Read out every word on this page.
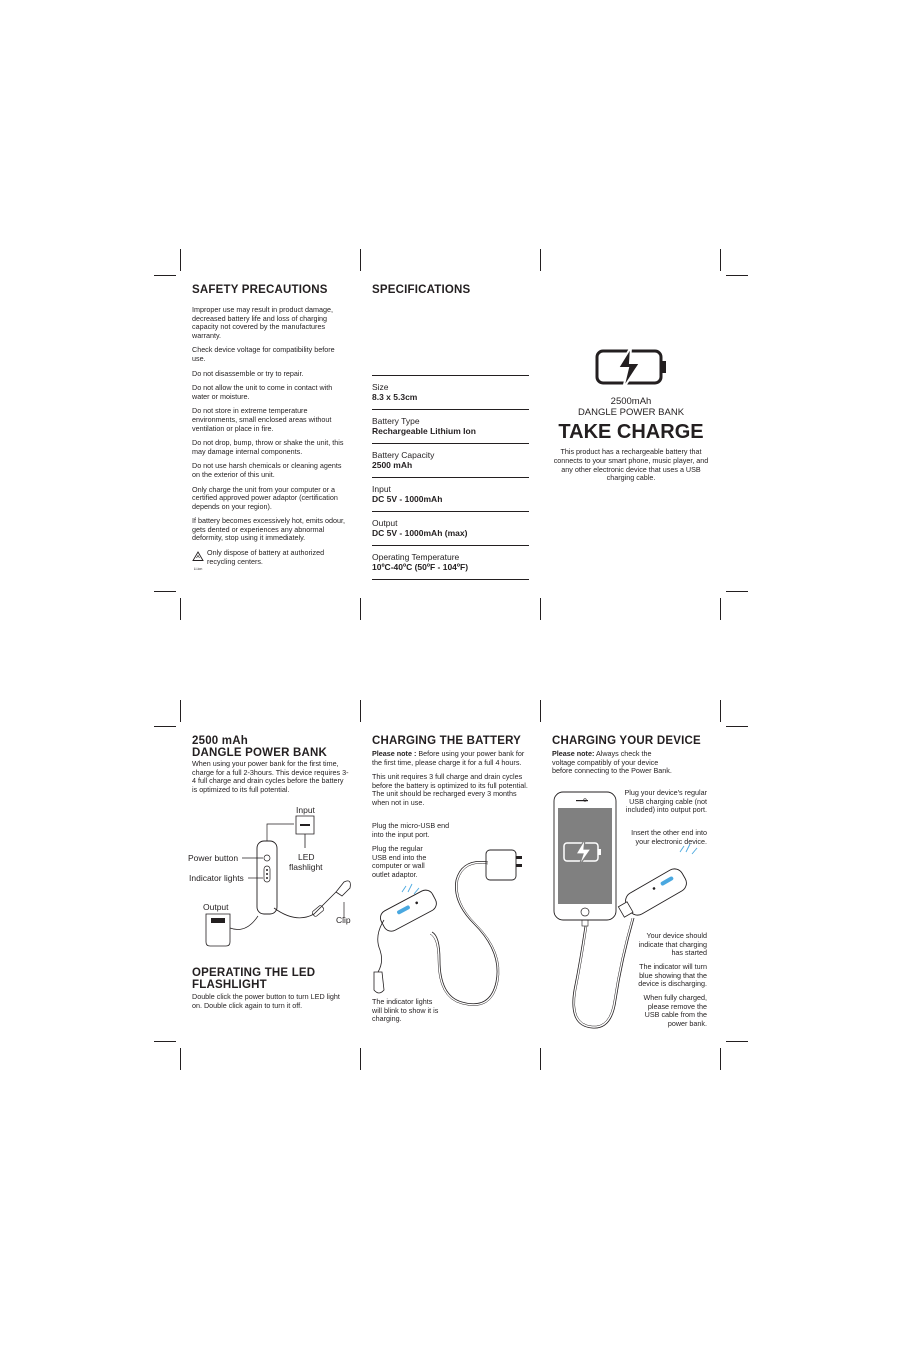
SAFETY PRECAUTIONS

Improper use may result in product damage, decreased battery life and loss of charging capacity not covered by the manufactures warranty.

Check device voltage for compatibility before use.

Do not disassemble or try to repair.

Do not allow the unit to come in contact with water or moisture.

Do not store in extreme temperature environments, small enclosed areas without ventilation or place in fire.

Do not drop, bump, throw or shake the unit, this may damage internal components.

Do not use harsh chemicals or cleaning agents on the exterior of this unit.

Only charge the unit from your computer or a certified approved power adaptor (certification depends on your region).

If battery becomes excessively hot, emits odour, gets dented or experiences any abnormal deformity, stop using it immediately.

Li-ion
Only dispose of battery at authorized recycling centers.
SPECIFICATIONS
Size
8.3 x 5.3cm
Battery Type
Rechargeable Lithium Ion
Battery Capacity
2500 mAh
Input
DC 5V - 1000mAh
Output
DC 5V - 1000mAh (max)
Operating Temperature
10ºC-40ºC (50ºF - 104ºF)
2500mAh
DANGLE POWER BANK
TAKE CHARGE
This product has a rechargeable battery that connects to your smart phone, music player, and any other electronic device that uses a USB charging cable.
2500 mAh
DANGLE POWER BANK

When using your power bank for the first time, charge for a full 2-3hours. This device requires 3-4 full charge and drain cycles before the battery is optimized to its full potential.

Input
LED
flashlight
Power button
Indicator lights
Output
Clip
OPERATING THE LED
FLASHLIGHT

Double click the power button to turn LED light on. Double click again to turn it off.

CHARGING THE BATTERY

Please note : Before using your power bank for the first time, please charge it for a full 4 hours.

This unit requires 3 full charge and drain cycles before the battery is optimized to its full potential. The unit should be recharged every 3 months when not in use.

Plug the micro-USB end into the input port.
Plug the regular USB end into the computer or wall outlet adaptor.
The indicator lights will blink to show it is charging.
CHARGING YOUR DEVICE

Please note: Always check the voltage compatibly of your device before connecting to the Power Bank.

Plug your device's regular USB charging cable (not included) into output port.
Insert the other end into your electronic device.
Your device should indicate that charging has started
The indicator will turn blue showing that the device is discharging.
When fully charged, please remove the USB cable from the power bank.
